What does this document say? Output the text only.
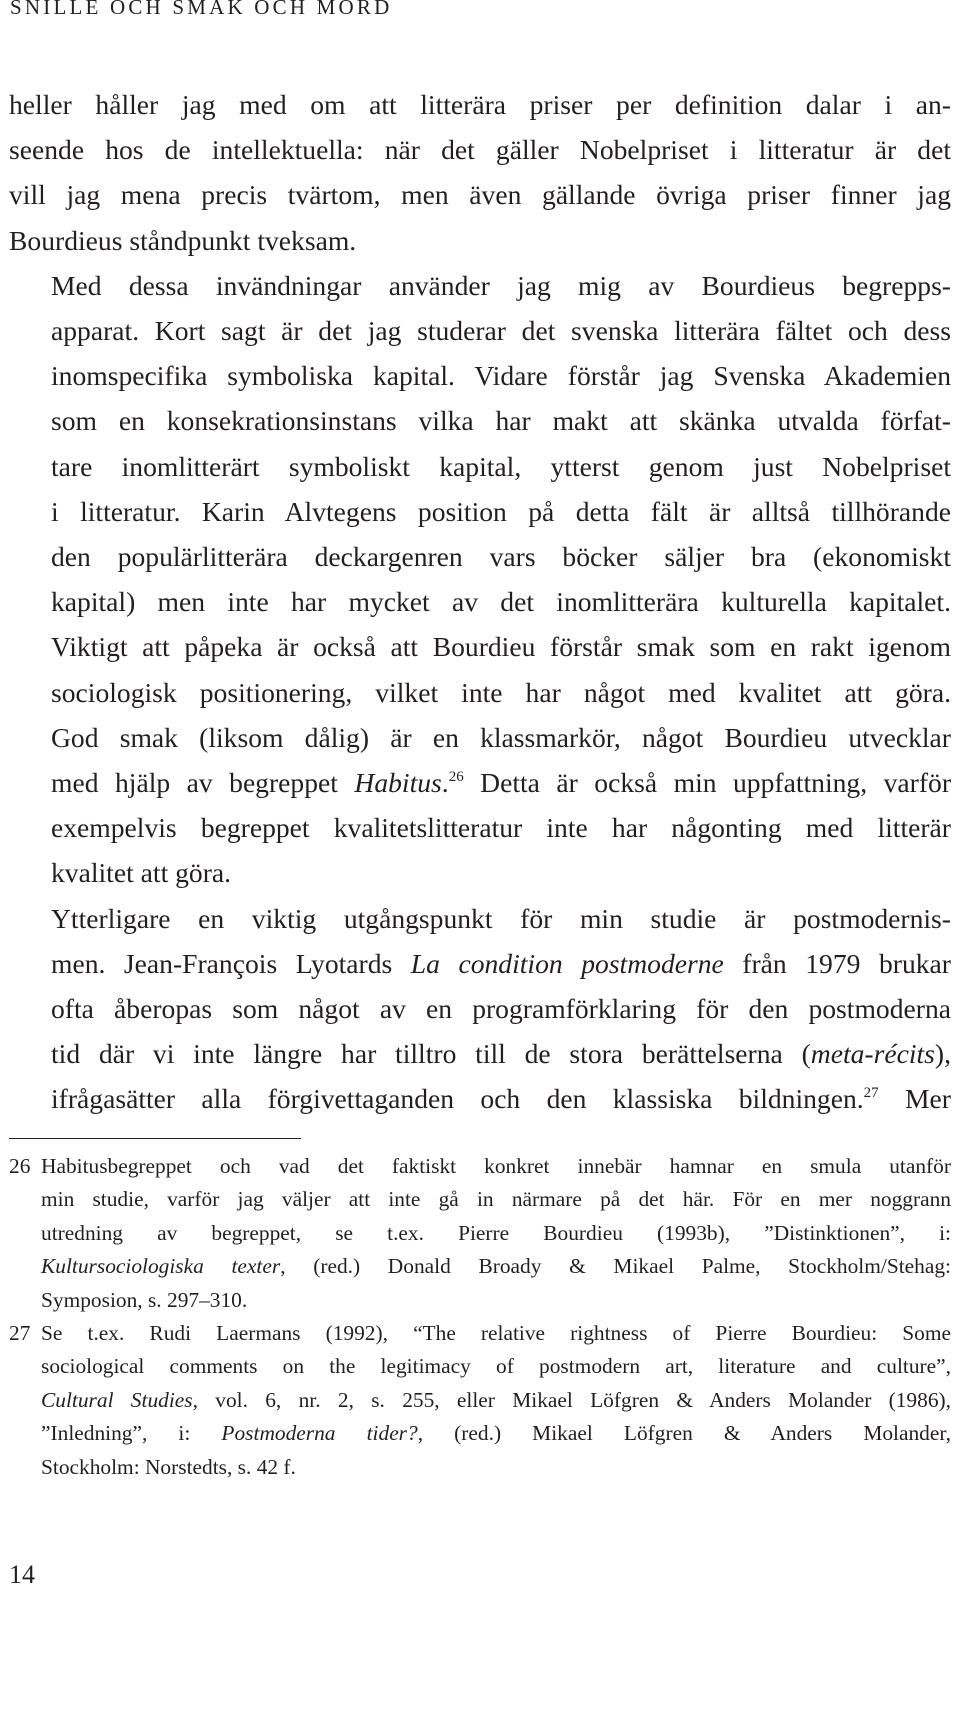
SNILLE OCH SMAK OCH MORD

heller håller jag med om att litterära priser per definition dalar i an-
seende hos de intellektuella: när det gäller Nobelpriset i litteratur är det
vill jag mena precis tvärtom, men även gällande övriga priser finner jag
Bourdieus ståndpunkt tveksam.

Med dessa invändningar använder jag mig av Bourdieus begrepps-
apparat. Kort sagt är det jag studerar det svenska litterära fältet och dess
inomspecifika symboliska kapital. Vidare förstår jag Svenska Akademien
som en konsekrationsinstans vilka har makt att skänka utvalda förfat-
tare inomlitterärt symboliskt kapital, ytterst genom just Nobelpriset
i litteratur. Karin Alvtegens position på detta fält är alltså tillhörande
den populärlitterära deckargenren vars böcker säljer bra (ekonomiskt
kapital) men inte har mycket av det inomlitterära kulturella kapitalet.
Viktigt att påpeka är också att Bourdieu förstår smak som en rakt igenom
sociologisk positionering, vilket inte har något med kvalitet att göra.
God smak (liksom dålig) är en klassmarkör, något Bourdieu utvecklar
med hjälp av begreppet Habitus.$^{26}$ Detta är också min uppfattning, varför
exempelvis begreppet kvalitetslitteratur inte har någonting med litterär
kvalitet att göra.

Ytterligare en viktig utgångspunkt för min studie är postmodernis-
men. Jean-François Lyotards La condition postmoderne från 1979 brukar
ofta åberopas som något av en programförklaring för den postmoderna
tid där vi inte längre har tilltro till de stora berättelserna (meta-récits),
ifrågasätter alla förgivettaganden och den klassiska bildningen.$^{27}$ Mer

26 Habitusbegreppet och vad det faktiskt konkret innebär hamnar en smula utanför
min studie, varför jag väljer att inte gå in närmare på det här. För en mer noggrann
utredning av begreppet, se t.ex. Pierre Bourdieu (1993b), ”Distinktionen”, i:
Kultursociologiska texter, (red.) Donald Broady & Mikael Palme, Stockholm/Stehag:
Symposion, s. 297–310.
27 Se t.ex. Rudi Laermans (1992), “The relative rightness of Pierre Bourdieu: Some
sociological comments on the legitimacy of postmodern art, literature and culture”,
Cultural Studies, vol. 6, nr. 2, s. 255, eller Mikael Löfgren & Anders Molander (1986),
”Inledning”, i: Postmoderna tider?, (red.) Mikael Löfgren & Anders Molander,
Stockholm: Norstedts, s. 42 f.
14
